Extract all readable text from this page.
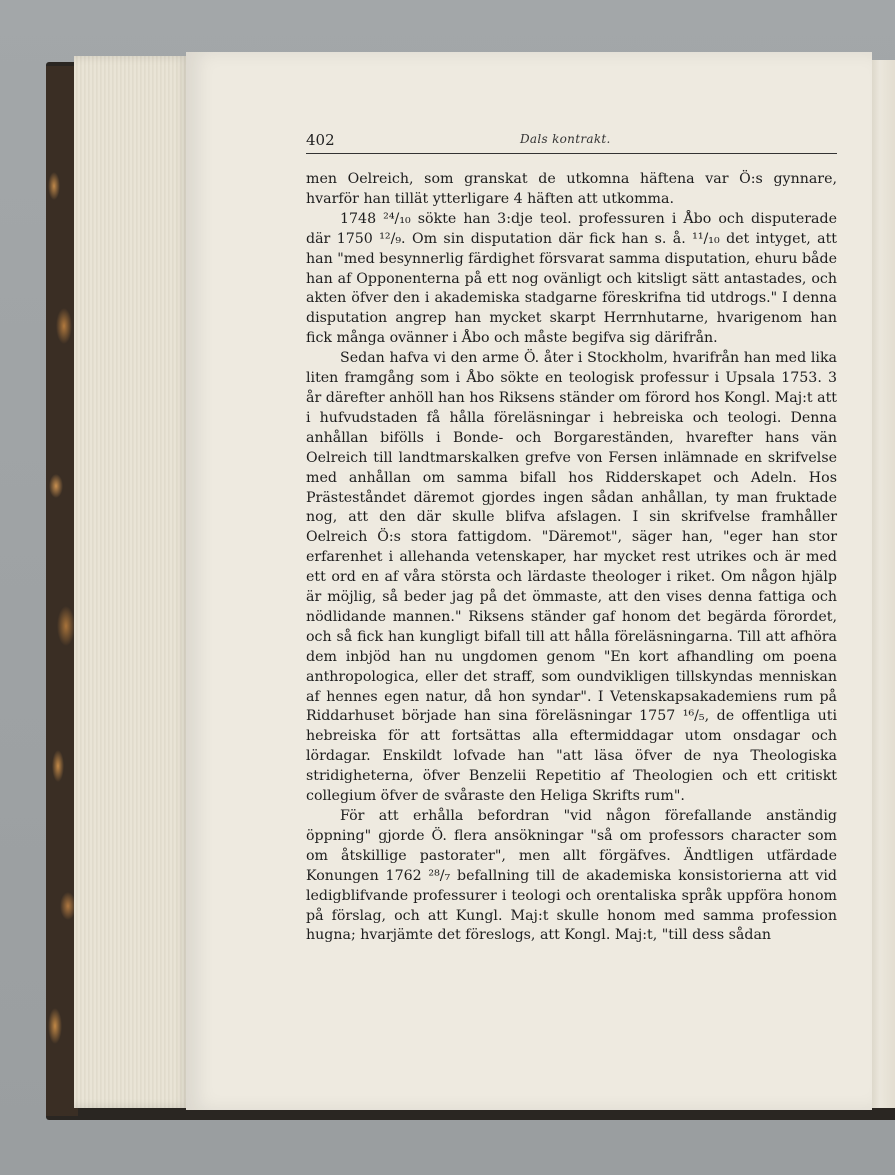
402	Dals kontrakt.

men Oelreich, som granskat de utkomna häftena var Ö:s gynnare, hvarför han tillät ytterligare 4 häften att utkomma.

1748 ²⁴/₁₀ sökte han 3:dje teol. professuren i Åbo och disputerade där 1750 ¹²/₉. Om sin disputation där fick han s. å. ¹¹/₁₀ det intyget, att han "med besynnerlig färdighet försvarat samma disputation, ehuru både han af Opponenterna på ett nog ovänligt och kitsligt sätt antastades, och akten öfver den i akademiska stadgarne föreskrifna tid utdrogs." I denna disputation angrep han mycket skarpt Herrnhutarne, hvarigenom han fick många ovänner i Åbo och måste begifva sig därifrån.

Sedan hafva vi den arme Ö. åter i Stockholm, hvarifrån han med lika liten framgång som i Åbo sökte en teologisk professur i Upsala 1753. 3 år därefter anhöll han hos Riksens ständer om förord hos Kongl. Maj:t att i hufvudstaden få hålla föreläsningar i hebreiska och teologi. Denna anhållan bifölls i Bonde- och Borgareständen, hvarefter hans vän Oelreich till landtmarskalken grefve von Fersen inlämnade en skrifvelse med anhållan om samma bifall hos Ridderskapet och Adeln. Hos Prästeståndet däremot gjordes ingen sådan anhållan, ty man fruktade nog, att den där skulle blifva afslagen. I sin skrifvelse framhåller Oelreich Ö:s stora fattigdom. "Däremot", säger han, "eger han stor erfarenhet i allehanda vetenskaper, har mycket rest utrikes och är med ett ord en af våra största och lärdaste theologer i riket. Om någon hjälp är möjlig, så beder jag på det ömmaste, att den vises denna fattiga och nödlidande mannen." Riksens ständer gaf honom det begärda förordet, och så fick han kungligt bifall till att hålla föreläsningarna. Till att afhöra dem inbjöd han nu ungdomen genom "En kort afhandling om poena anthropologica, eller det straff, som oundvikligen tillskyndas menniskan af hennes egen natur, då hon syndar". I Vetenskapsakademiens rum på Riddarhuset började han sina föreläsningar 1757 ¹⁶/₅, de offentliga uti hebreiska för att fortsättas alla eftermiddagar utom onsdagar och lördagar. Enskildt lofvade han "att läsa öfver de nya Theologiska stridigheterna, öfver Benzelii Repetitio af Theologien och ett critiskt collegium öfver de svåraste den Heliga Skrifts rum".

För att erhålla befordran "vid någon förefallande anständig öppning" gjorde Ö. flera ansökningar "så om professors character som om åtskillige pastorater", men allt förgäfves. Ändtligen utfärdade Konungen 1762 ²⁸/₇ befallning till de akademiska konsistorierna att vid ledigblifvande professurer i teologi och orentaliska språk uppföra honom på förslag, och att Kungl. Maj:t skulle honom med samma profession hugna; hvarjämte det föreslogs, att Kongl. Maj:t, "till dess sådan
